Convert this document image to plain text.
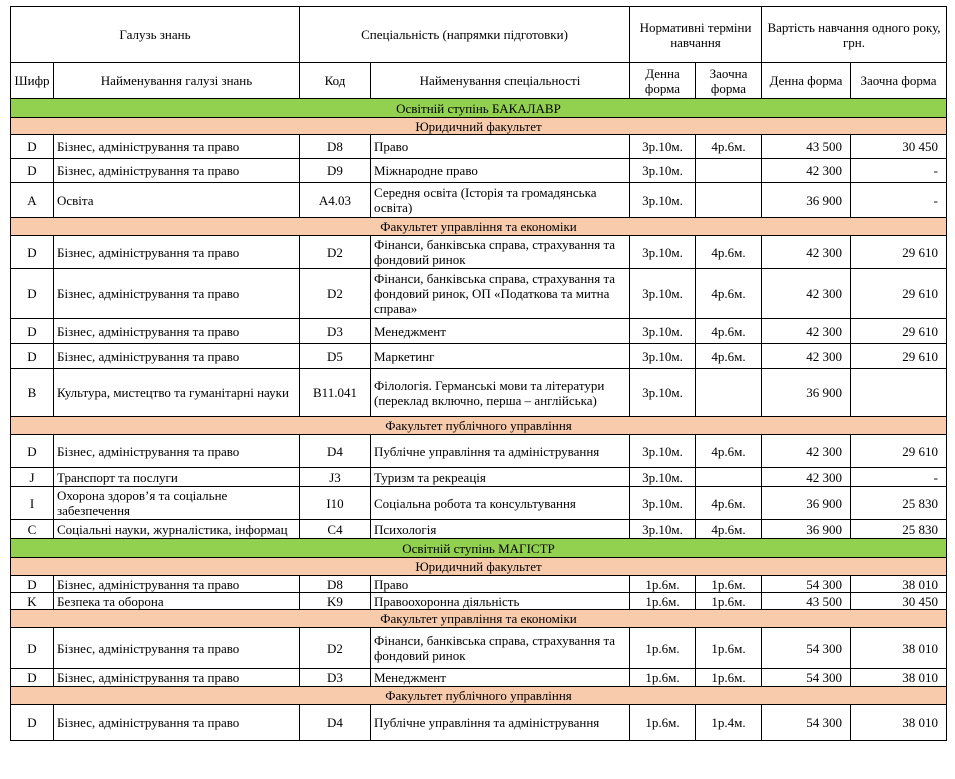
Галузь знань		Спеціальність (напрямки підготовки)		Нормативні терміни навчання		Вартість навчання одного року, грн.	
Шифр	Найменування галузі знань	Код	Найменування спеціальності	Денна форма	Заочна форма	Денна форма	Заочна форма
Освітній ступінь БАКАЛАВР							
Юридичний факультет							
D	Бізнес, адміністрування та право	D8	Право	3р.10м.	4р.6м.	43 500	30 450
D	Бізнес, адміністрування та право	D9	Міжнародне право	3р.10м.		42 300	-
A	Освіта	A4.03	Середня освіта (Історія та громадянська освіта)	3р.10м.		36 900	-
Факультет управління та економіки							
D	Бізнес, адміністрування та право	D2	Фінанси, банківська справа, страхування та фондовий ринок	3р.10м.	4р.6м.	42 300	29 610
D	Бізнес, адміністрування та право	D2	Фінанси, банківська справа, страхування та фондовий ринок, ОП «Податкова та митна справа»	3р.10м.	4р.6м.	42 300	29 610
D	Бізнес, адміністрування та право	D3	Менеджмент	3р.10м.	4р.6м.	42 300	29 610
D	Бізнес, адміністрування та право	D5	Маркетинг	3р.10м.	4р.6м.	42 300	29 610
B	Культура, мистецтво та гуманітарні науки	B11.041	Філологія. Германські мови та літератури (переклад включно, перша – англійська)	3р.10м.		36 900	
Факультет публічного управління							
D	Бізнес, адміністрування та право	D4	Публічне управління та адміністрування	3р.10м.	4р.6м.	42 300	29 610
J	Транспорт та послуги	J3	Туризм та рекреація	3р.10м.		42 300	-
I	Охорона здоров’я та соціальне забезпечення	I10	Соціальна робота та консультування	3р.10м.	4р.6м.	36 900	25 830
C	Соціальні науки, журналістика, інформац	C4	Психологія	3р.10м.	4р.6м.	36 900	25 830
Освітній ступінь МАГІСТР							
Юридичний факультет							
D	Бізнес, адміністрування та право	D8	Право	1р.6м.	1р.6м.	54 300	38 010
K	Безпека та оборона	K9	Правоохоронна діяльність	1р.6м.	1р.6м.	43 500	30 450
Факультет управління та економіки							
D	Бізнес, адміністрування та право	D2	Фінанси, банківська справа, страхування та фондовий ринок	1р.6м.	1р.6м.	54 300	38 010
D	Бізнес, адміністрування та право	D3	Менеджмент	1р.6м.	1р.6м.	54 300	38 010
Факультет публічного управління							
D	Бізнес, адміністрування та право	D4	Публічне управління та адміністрування	1р.6м.	1р.4м.	54 300	38 010
